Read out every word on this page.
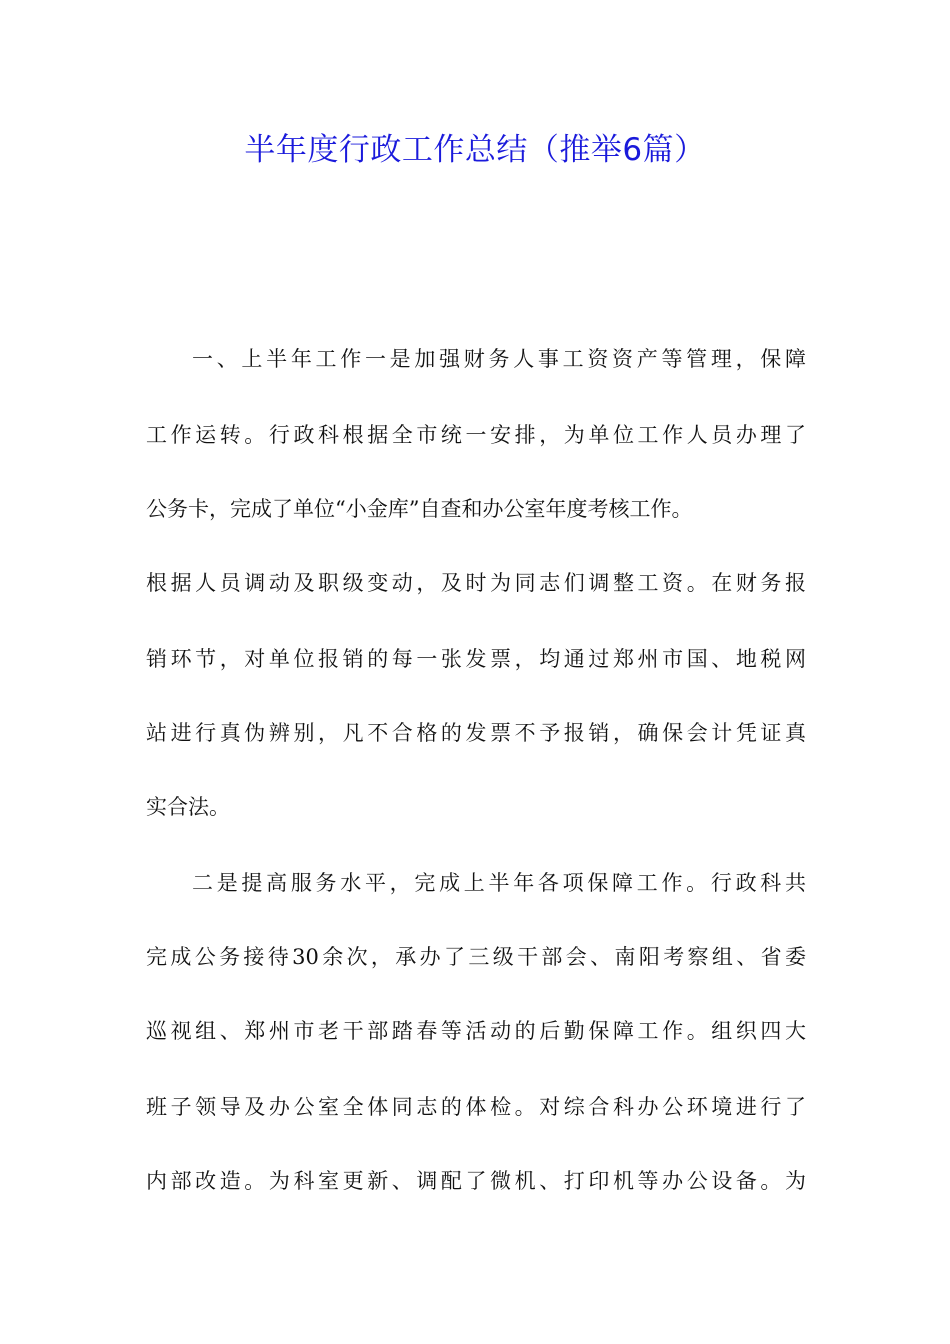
半年度行政工作总结（推举6篇）
一、上半年工作一是加强财务人事工资资产等管理，保障
工作运转。行政科根据全市统一安排，为单位工作人员办理了
公务卡，完成了单位“小金库”自查和办公室年度考核工作。
根据人员调动及职级变动，及时为同志们调整工资。在财务报
销环节，对单位报销的每一张发票，均通过郑州市国、地税网
站进行真伪辨别，凡不合格的发票不予报销，确保会计凭证真
实合法。
二是提高服务水平，完成上半年各项保障工作。行政科共
完成公务接待30余次，承办了三级干部会、南阳考察组、省委
巡视组、郑州市老干部踏春等活动的后勤保障工作。组织四大
班子领导及办公室全体同志的体检。对综合科办公环境进行了
内部改造。为科室更新、调配了微机、打印机等办公设备。为
